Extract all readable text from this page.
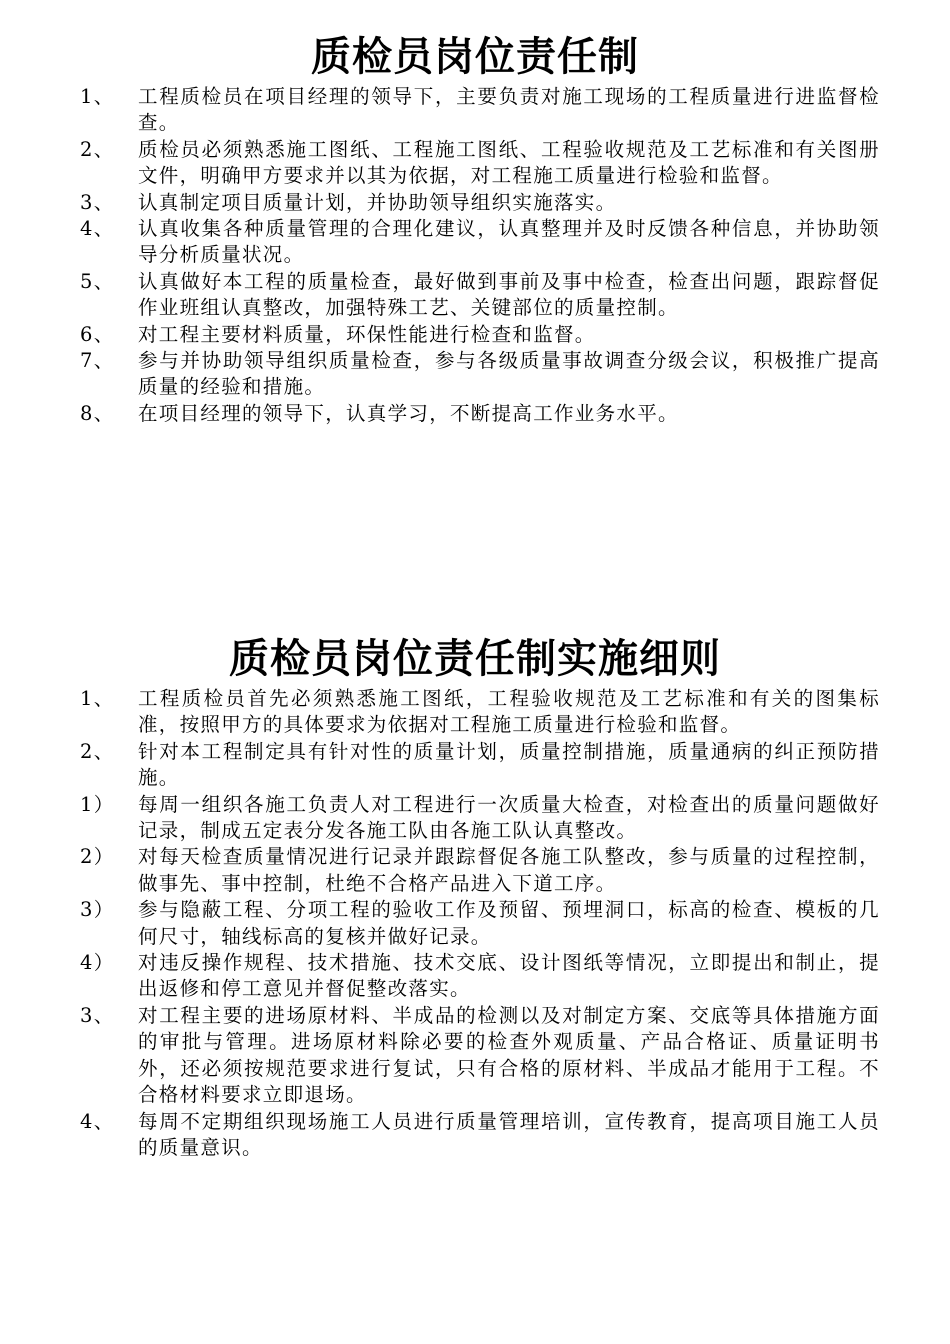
质检员岗位责任制
1、 工程质检员在项目经理的领导下，主要负责对施工现场的工程质量进行进监督检查。
2、 质检员必须熟悉施工图纸、工程施工图纸、工程验收规范及工艺标准和有关图册文件，明确甲方要求并以其为依据，对工程施工质量进行检验和监督。
3、 认真制定项目质量计划，并协助领导组织实施落实。
4、 认真收集各种质量管理的合理化建议，认真整理并及时反馈各种信息，并协助领导分析质量状况。
5、 认真做好本工程的质量检查，最好做到事前及事中检查，检查出问题，跟踪督促作业班组认真整改，加强特殊工艺、关键部位的质量控制。
6、 对工程主要材料质量，环保性能进行检查和监督。
7、 参与并协助领导组织质量检查，参与各级质量事故调查分级会议，积极推广提高质量的经验和措施。
8、 在项目经理的领导下，认真学习，不断提高工作业务水平。
质检员岗位责任制实施细则
1、 工程质检员首先必须熟悉施工图纸，工程验收规范及工艺标准和有关的图集标准，按照甲方的具体要求为依据对工程施工质量进行检验和监督。
2、 针对本工程制定具有针对性的质量计划，质量控制措施，质量通病的纠正预防措施。
1） 每周一组织各施工负责人对工程进行一次质量大检查，对检查出的质量问题做好记录，制成五定表分发各施工队由各施工队认真整改。
2） 对每天检查质量情况进行记录并跟踪督促各施工队整改，参与质量的过程控制，做事先、事中控制，杜绝不合格产品进入下道工序。
3） 参与隐蔽工程、分项工程的验收工作及预留、预埋洞口，标高的检查、模板的几何尺寸，轴线标高的复核并做好记录。
4） 对违反操作规程、技术措施、技术交底、设计图纸等情况，立即提出和制止，提出返修和停工意见并督促整改落实。
3、 对工程主要的进场原材料、半成品的检测以及对制定方案、交底等具体措施方面的审批与管理。进场原材料除必要的检查外观质量、产品合格证、质量证明书外，还必须按规范要求进行复试，只有合格的原材料、半成品才能用于工程。不合格材料要求立即退场。
4、 每周不定期组织现场施工人员进行质量管理培训，宣传教育，提高项目施工人员的质量意识。
